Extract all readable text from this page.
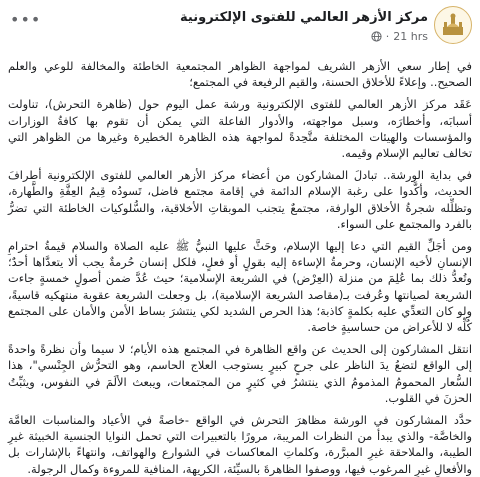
مركز الأزهر العالمي للفتوى الإلكترونية
21 hrs
·
•••

في إطار سعي الأزهر الشريف لمواجهة الظواهر المجتمعية الخاطئة والمخالفة للوعي والعلم الصحيح.. وإعلاءً للأخلاق الحسنة، والقيم الرفيعة في المجتمع؛

عَقَد مركز الأزهر العالمي للفتوى الإلكترونية ورشة عمل اليوم حول (ظاهرة التحرش)، تناولت أسبابَه، وأخطارَه، وسبل مواجهته، والأدوار الفاعلة التي يمكن أن تقوم بها كافةُ الوزارات والمؤسسات والهيئات المختلفة متَّحِدةً لمواجهة هذه الظاهرة الخطيرة وغيرها من الظواهر التي تخالف تعاليم الإسلام وقيمه.

في بداية الورشة.. تبادلَ المشاركون من أعضاء مركز الأزهر العالمي للفتوى الإلكترونية أطرافَ الحديث، وأكَّدوا على رغبة الإسلام الدائمة في إقامة مجتمع فاضل، تَسودُه قِيمُ العِفَّةِ والطَّهارة، وتظلِّله شجرةُ الأخلاق الوارفة، مجتمعٌ يتجنب الموبقاتِ الأخلاقية، والسُّلوكيات الخاطئة التي تضرُّ بالفرد والمجتمع على السواء.

ومن أجَلِّ القيم التي دعا إليها الإسلام، وحَثَّ عليها النبيُّ ﷺ عليه الصلاة والسلام قيمةُ احترامِ الإنسانِ لأخيه الإنسان، وحرمةُ الإساءة إليه بقولٍ أو فعلٍ، فلكل إنسان حُرمةٌ يجب ألا يتعدَّاها أحدٌ؛ وتُعدُّ ذلك بما عُلِمَ من منزلة (العِرْض) في الشريعة الإسلامية؛ حيث عُدَّ ضمن أصولٍ خمسةٍ جاءت الشريعة لصيانتها وعُرفت بـ(مقاصد الشريعة الإسلامية)، بل وجعلت الشريعة عقوبة منتهكيه قاسيةً، ولو كان التعدِّي عليه بكلمةٍ كاذبة؛ هذا الحرص الشديد لكي ينتشرَ بساط الأمن والأمان على المجتمع كُلِّه لا للأعراض من حساسيةٍ خاصة.

انتقل المشاركون إلى الحديث عن واقع الظاهرة في المجتمع هذه الأيام؛ لا سيما وأن نظرةً واحدةً إلى الواقع لتضعُ يدَ الناظر على جرحٍ كبيرٍ يستوجب العلاج الحاسم، وهو التحرُّش الجِنْسي"، هذا السُّعار المحمومُ المذمومُ الذي ينتشرُ في كثيرٍ من المجتمعات، ويبعث الألَمَ في النفوس، ويثبِّتُ الحزنَ في القلوب.

حدَّد المشاركون في الورشة مظاهرَ التحرش في الواقع -خاصةً في الأعياد والمناسبات العامَّة والخاصَّة- والذي يبدأ من النظرات المريبة، مرورًا بالتعبيرات التي تحمل النوايا الجنسية الخبيثة غيرِ الطيبة، والملاحقة غيرِ المبرَّرة، وكلماتِ المعاكسات في الشوارع والهواتف، وانتهاءً بالإشارات بل والأفعالِ غيرِ المرغوب فيها، ووصفوا الظاهرةَ بالسيِّئة، الكريهة، المنافية للمروءة وكمال الرجولة.
